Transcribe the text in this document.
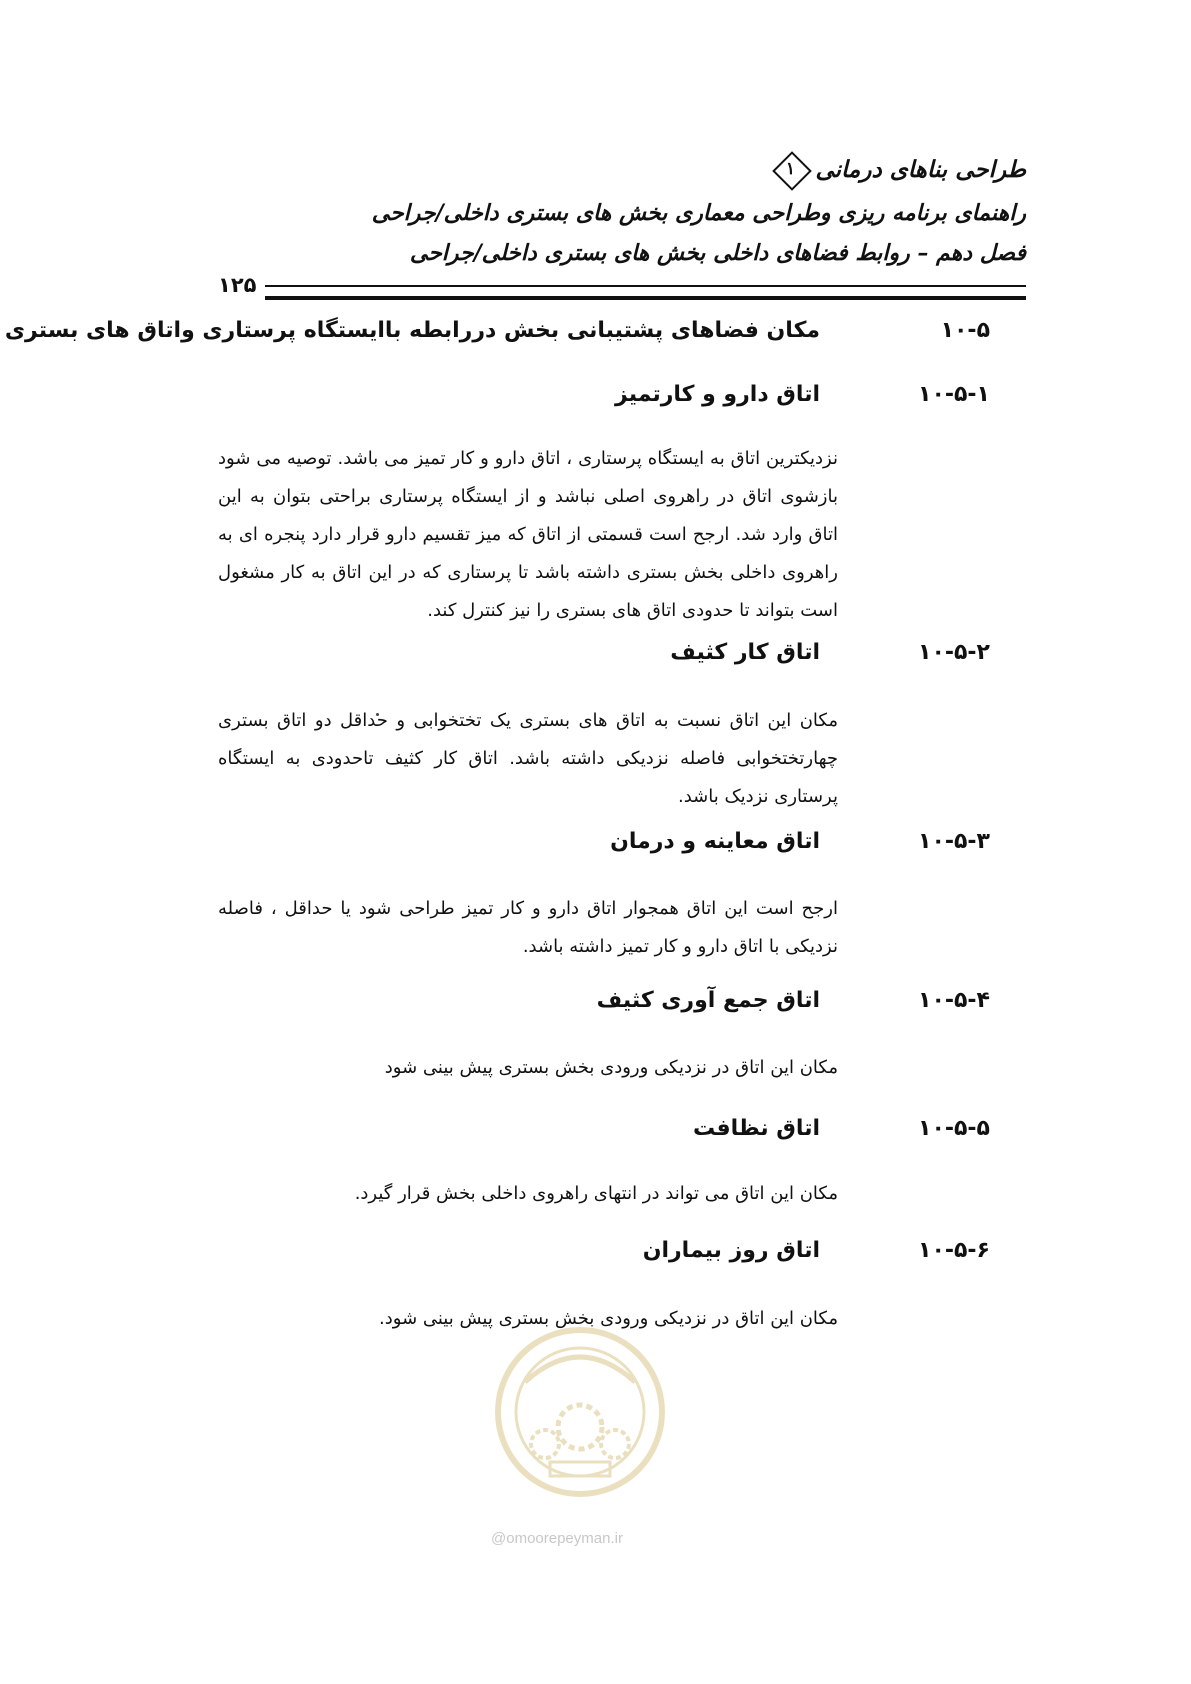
طراحی بناهای درمانی
۱
راهنمای برنامه ریزی وطراحی معماری بخش های بستری داخلی/جراحی
فصل دهم – روابط فضاهای داخلی بخش های بستری داخلی/جراحی
۱۲۵
۱۰-۵
مکان فضاهای پشتیبانی بخش دررابطه باایستگاه پرستاری واتاق های بستری
۱۰-۵-۱
اتاق دارو و کارتمیز
نزدیکترین اتاق به ایستگاه پرستاری ، اتاق دارو و کار تمیز می باشد. توصیه می شود بازشوی اتاق در راهروی اصلی نباشد و از ایستگاه پرستاری براحتی بتوان به این اتاق وارد شد. ارجح است قسمتی از اتاق که میز تقسیم دارو قرار دارد پنجره ای به راهروی داخلی بخش بستری داشته باشد تا پرستاری که در این اتاق به کار مشغول است بتواند تا حدودی اتاق های بستری را نیز کنترل کند.
۱۰-۵-۲
اتاق کار کثیف
مکان این اتاق نسبت به اتاق های بستری یک تختخوابی و حداقل دو اتاق بستری چهارتختخوابی فاصله نزدیکی داشته باشد. اتاق کار کثیف تاحدودی به ایستگاه پرستاری نزدیک باشد.
۱۰-۵-۳
اتاق معاینه و درمان
ارجح است این اتاق همجوار اتاق دارو و کار تمیز طراحی شود یا حداقل ، فاصله نزدیکی با اتاق دارو و کار تمیز داشته باشد.
۱۰-۵-۴
اتاق جمع آوری کثیف
مکان این اتاق در نزدیکی ورودی بخش بستری پیش بینی شود
۱۰-۵-۵
اتاق نظافت
مکان این اتاق می تواند در انتهای راهروی داخلی بخش قرار گیرد.
۱۰-۵-۶
اتاق روز بیماران
مکان این اتاق در نزدیکی ورودی بخش بستری پیش بینی شود.
@omoorepeyman.ir
